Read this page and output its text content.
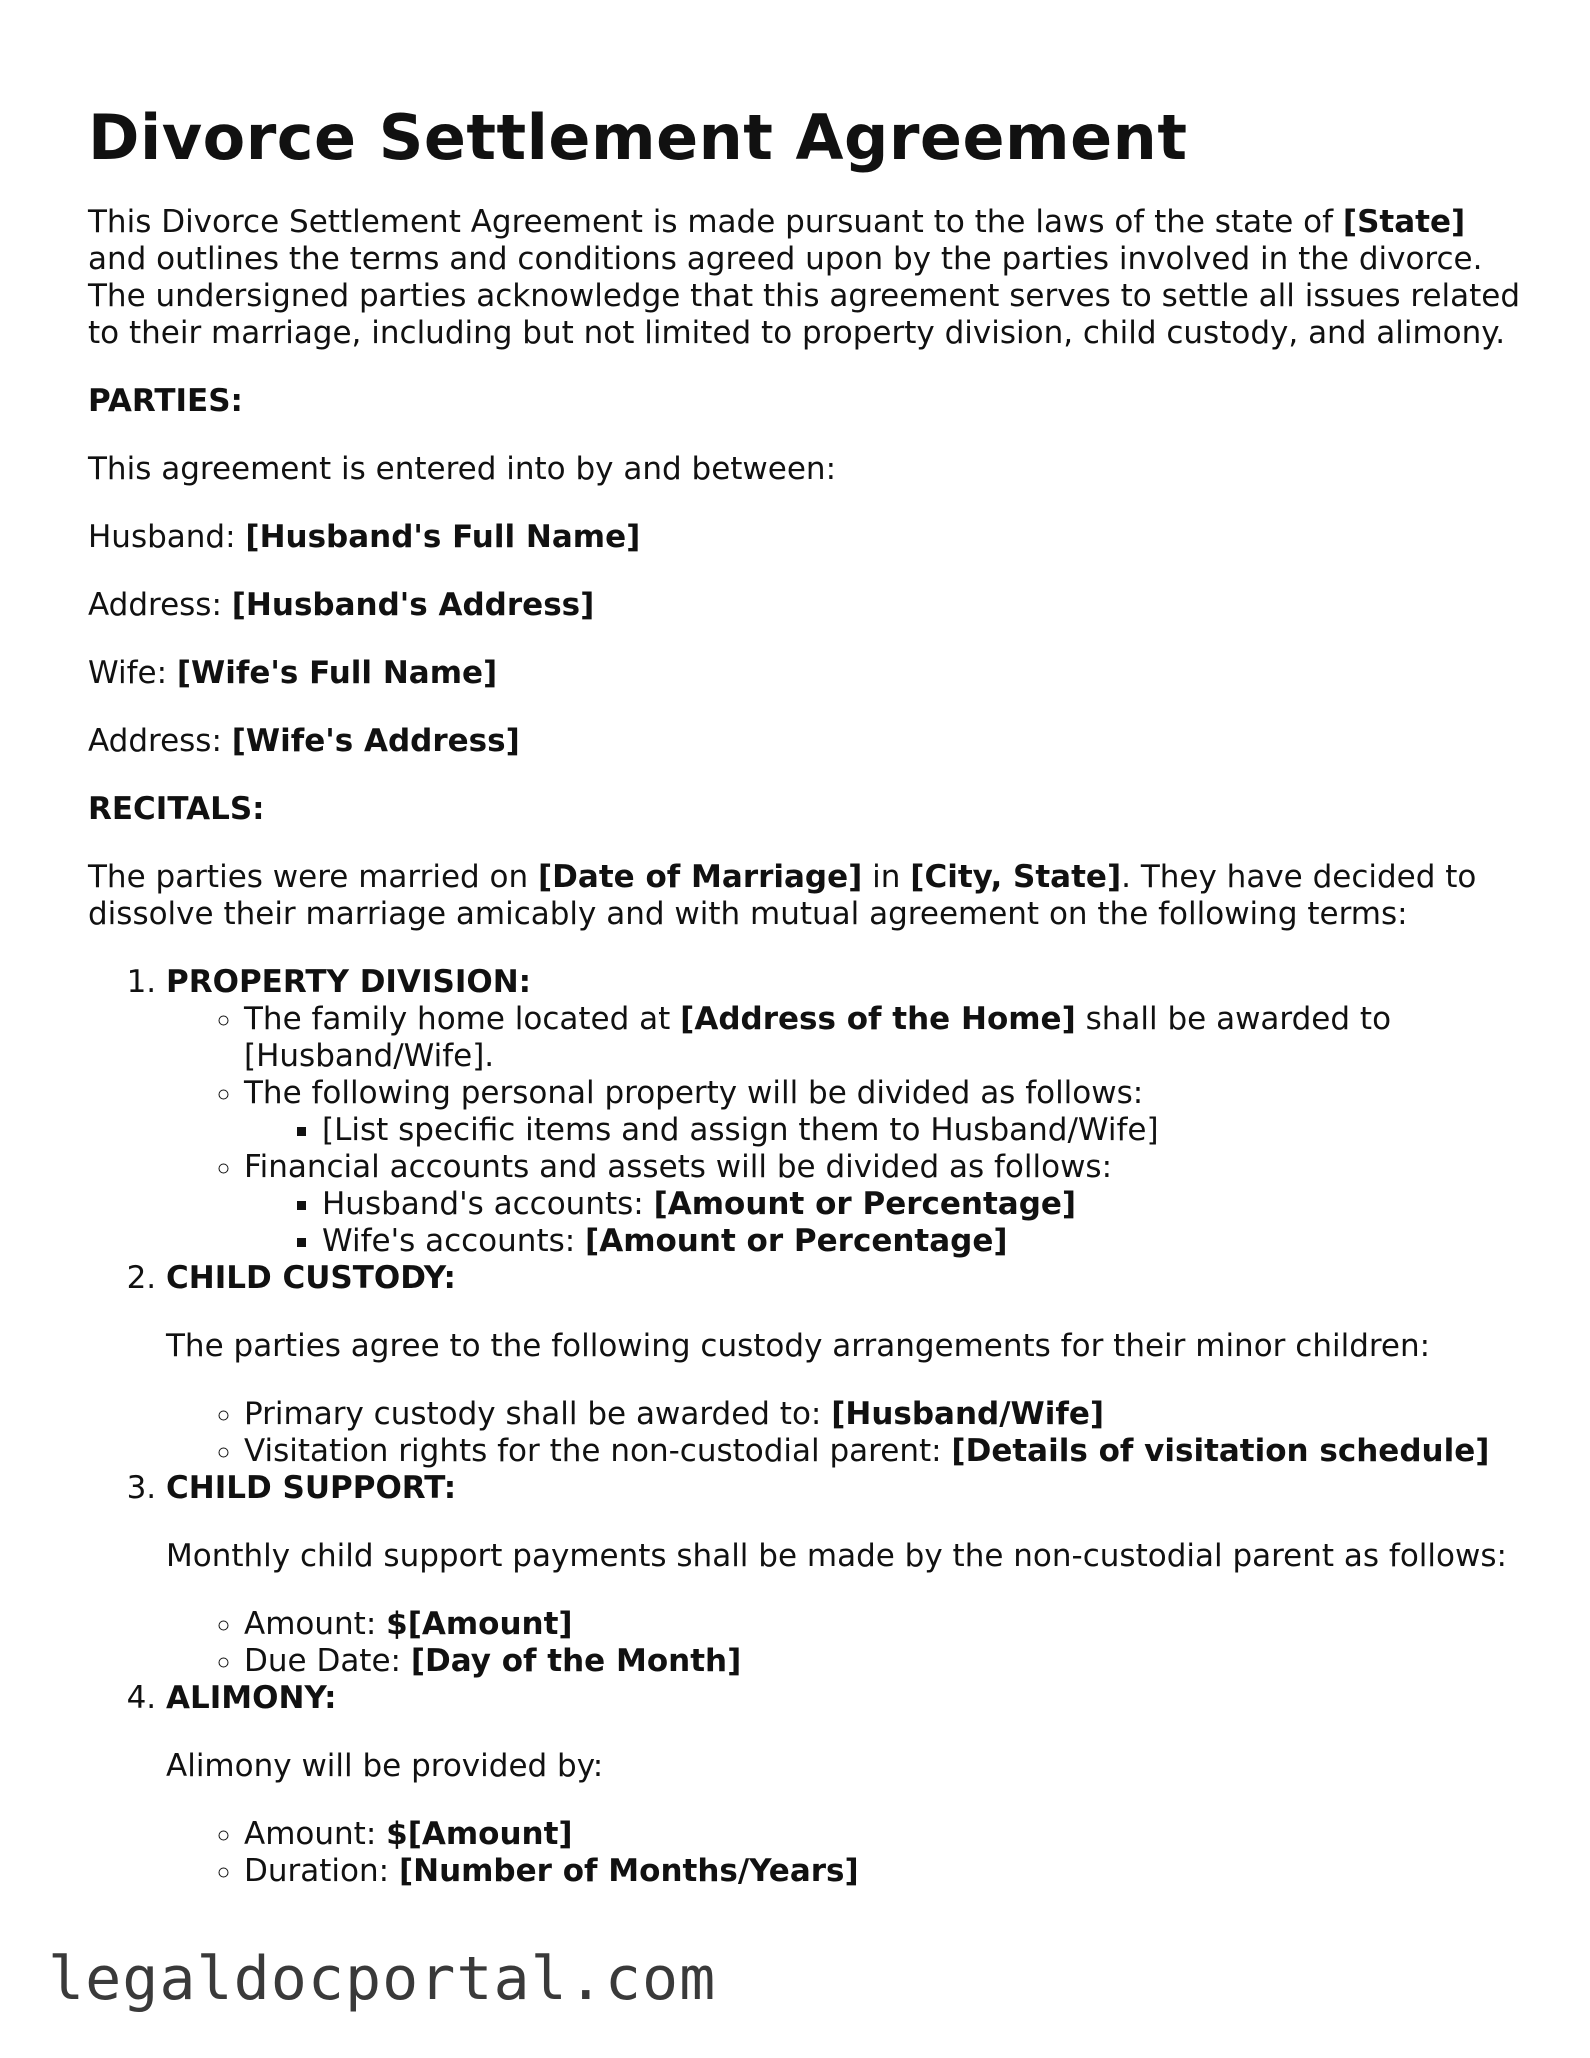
Divorce Settlement Agreement

This Divorce Settlement Agreement is made pursuant to the laws of the state of [State] and outlines the terms and conditions agreed upon by the parties involved in the divorce. The undersigned parties acknowledge that this agreement serves to settle all issues related to their marriage, including but not limited to property division, child custody, and alimony.

PARTIES:

This agreement is entered into by and between:

Husband: [Husband's Full Name]

Address: [Husband's Address]

Wife: [Wife's Full Name]

Address: [Wife's Address]

RECITALS:

The parties were married on [Date of Marriage] in [City, State]. They have decided to dissolve their marriage amicably and with mutual agreement on the following terms:

1. PROPERTY DIVISION:
◦ The family home located at [Address of the Home] shall be awarded to [Husband/Wife].
◦ The following personal property will be divided as follows:
▪ [List specific items and assign them to Husband/Wife]
◦ Financial accounts and assets will be divided as follows:
▪ Husband's accounts: [Amount or Percentage]
▪ Wife's accounts: [Amount or Percentage]
2. CHILD CUSTODY:

The parties agree to the following custody arrangements for their minor children:

◦ Primary custody shall be awarded to: [Husband/Wife]
◦ Visitation rights for the non-custodial parent: [Details of visitation schedule]
3. CHILD SUPPORT:

Monthly child support payments shall be made by the non-custodial parent as follows:

◦ Amount: $[Amount]
◦ Due Date: [Day of the Month]
4. ALIMONY:

Alimony will be provided by:

◦ Amount: $[Amount]
◦ Duration: [Number of Months/Years]
legaldocportal.com
